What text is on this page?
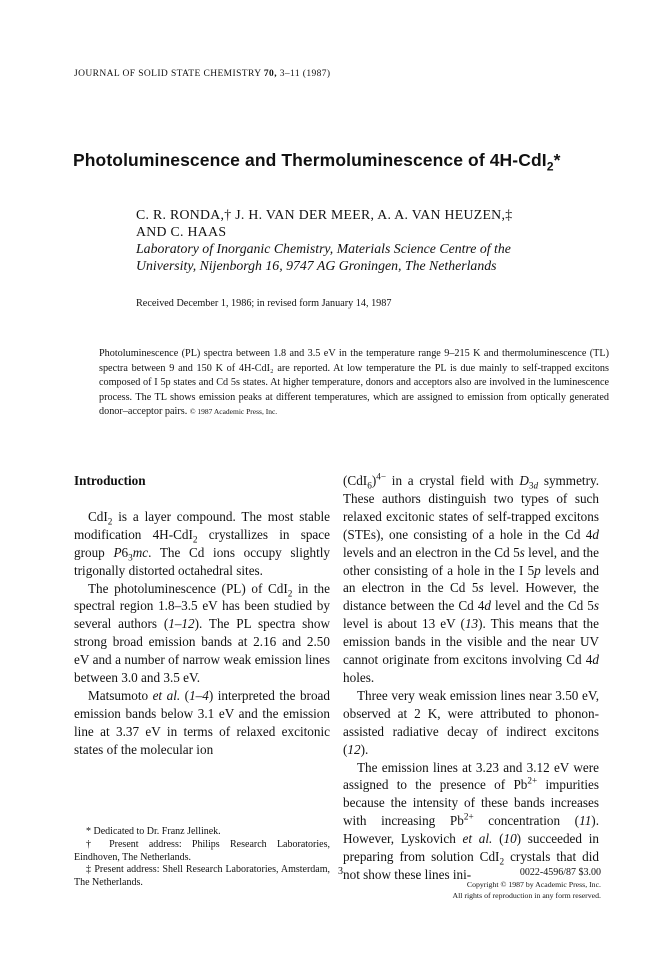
JOURNAL OF SOLID STATE CHEMISTRY 70, 3–11 (1987)
Photoluminescence and Thermoluminescence of 4H-CdI$_2$*
C. R. RONDA,† J. H. VAN DER MEER, A. A. VAN HEUZEN,‡
AND C. HAAS
Laboratory of Inorganic Chemistry, Materials Science Centre of the
University, Nijenborgh 16, 9747 AG Groningen, The Netherlands
Received December 1, 1986; in revised form January 14, 1987
Photoluminescence (PL) spectra between 1.8 and 3.5 eV in the temperature range 9–215 K and thermoluminescence (TL) spectra between 9 and 150 K of 4H-CdI₂ are reported. At low temperature the PL is due mainly to self-trapped excitons composed of I 5p states and Cd 5s states. At higher temperature, donors and acceptors also are involved in the luminescence process. The TL shows emission peaks at different temperatures, which are assigned to emission from optically generated donor–acceptor pairs. © 1987 Academic Press, Inc.
Introduction

CdI$_2$ is a layer compound. The most stable modification 4H-CdI$_2$ crystallizes in space group $P6_3mc$. The Cd ions occupy slightly trigonally distorted octahedral sites.

The photoluminescence (PL) of CdI$_2$ in the spectral region 1.8–3.5 eV has been studied by several authors (1–12). The PL spectra show strong broad emission bands at 2.16 and 2.50 eV and a number of narrow weak emission lines between 3.0 and 3.5 eV.

Matsumoto et al. (1–4) interpreted the broad emission bands below 3.1 eV and the emission line at 3.37 eV in terms of relaxed excitonic states of the molecular ion

* Dedicated to Dr. Franz Jellinek.

† Present address: Philips Research Laboratories, Eindhoven, The Netherlands.

‡ Present address: Shell Research Laboratories, Amsterdam, The Netherlands.

$(CdI_6)^{4-}$ in a crystal field with $D_{3d}$ symmetry. These authors distinguish two types of such relaxed excitonic states of self-trapped excitons (STEs), one consisting of a hole in the Cd 4d levels and an electron in the Cd 5s level, and the other consisting of a hole in the I 5p levels and an electron in the Cd 5s level. However, the distance between the Cd 4d level and the Cd 5s level is about 13 eV (13). This means that the emission bands in the visible and the near UV cannot originate from excitons involving Cd 4d holes.

Three very weak emission lines near 3.50 eV, observed at 2 K, were attributed to phonon-assisted radiative decay of indirect excitons (12).

The emission lines at 3.23 and 3.12 eV were assigned to the presence of $Pb^{2+}$ impurities because the intensity of these bands increases with increasing $Pb^{2+}$ concentration (11). However, Lyskovich et al. (10) succeeded in preparing from solution CdI$_2$ crystals that did not show these lines ini-

3	0022-4596/87 $3.00
Copyright © 1987 by Academic Press, Inc.
All rights of reproduction in any form reserved.
